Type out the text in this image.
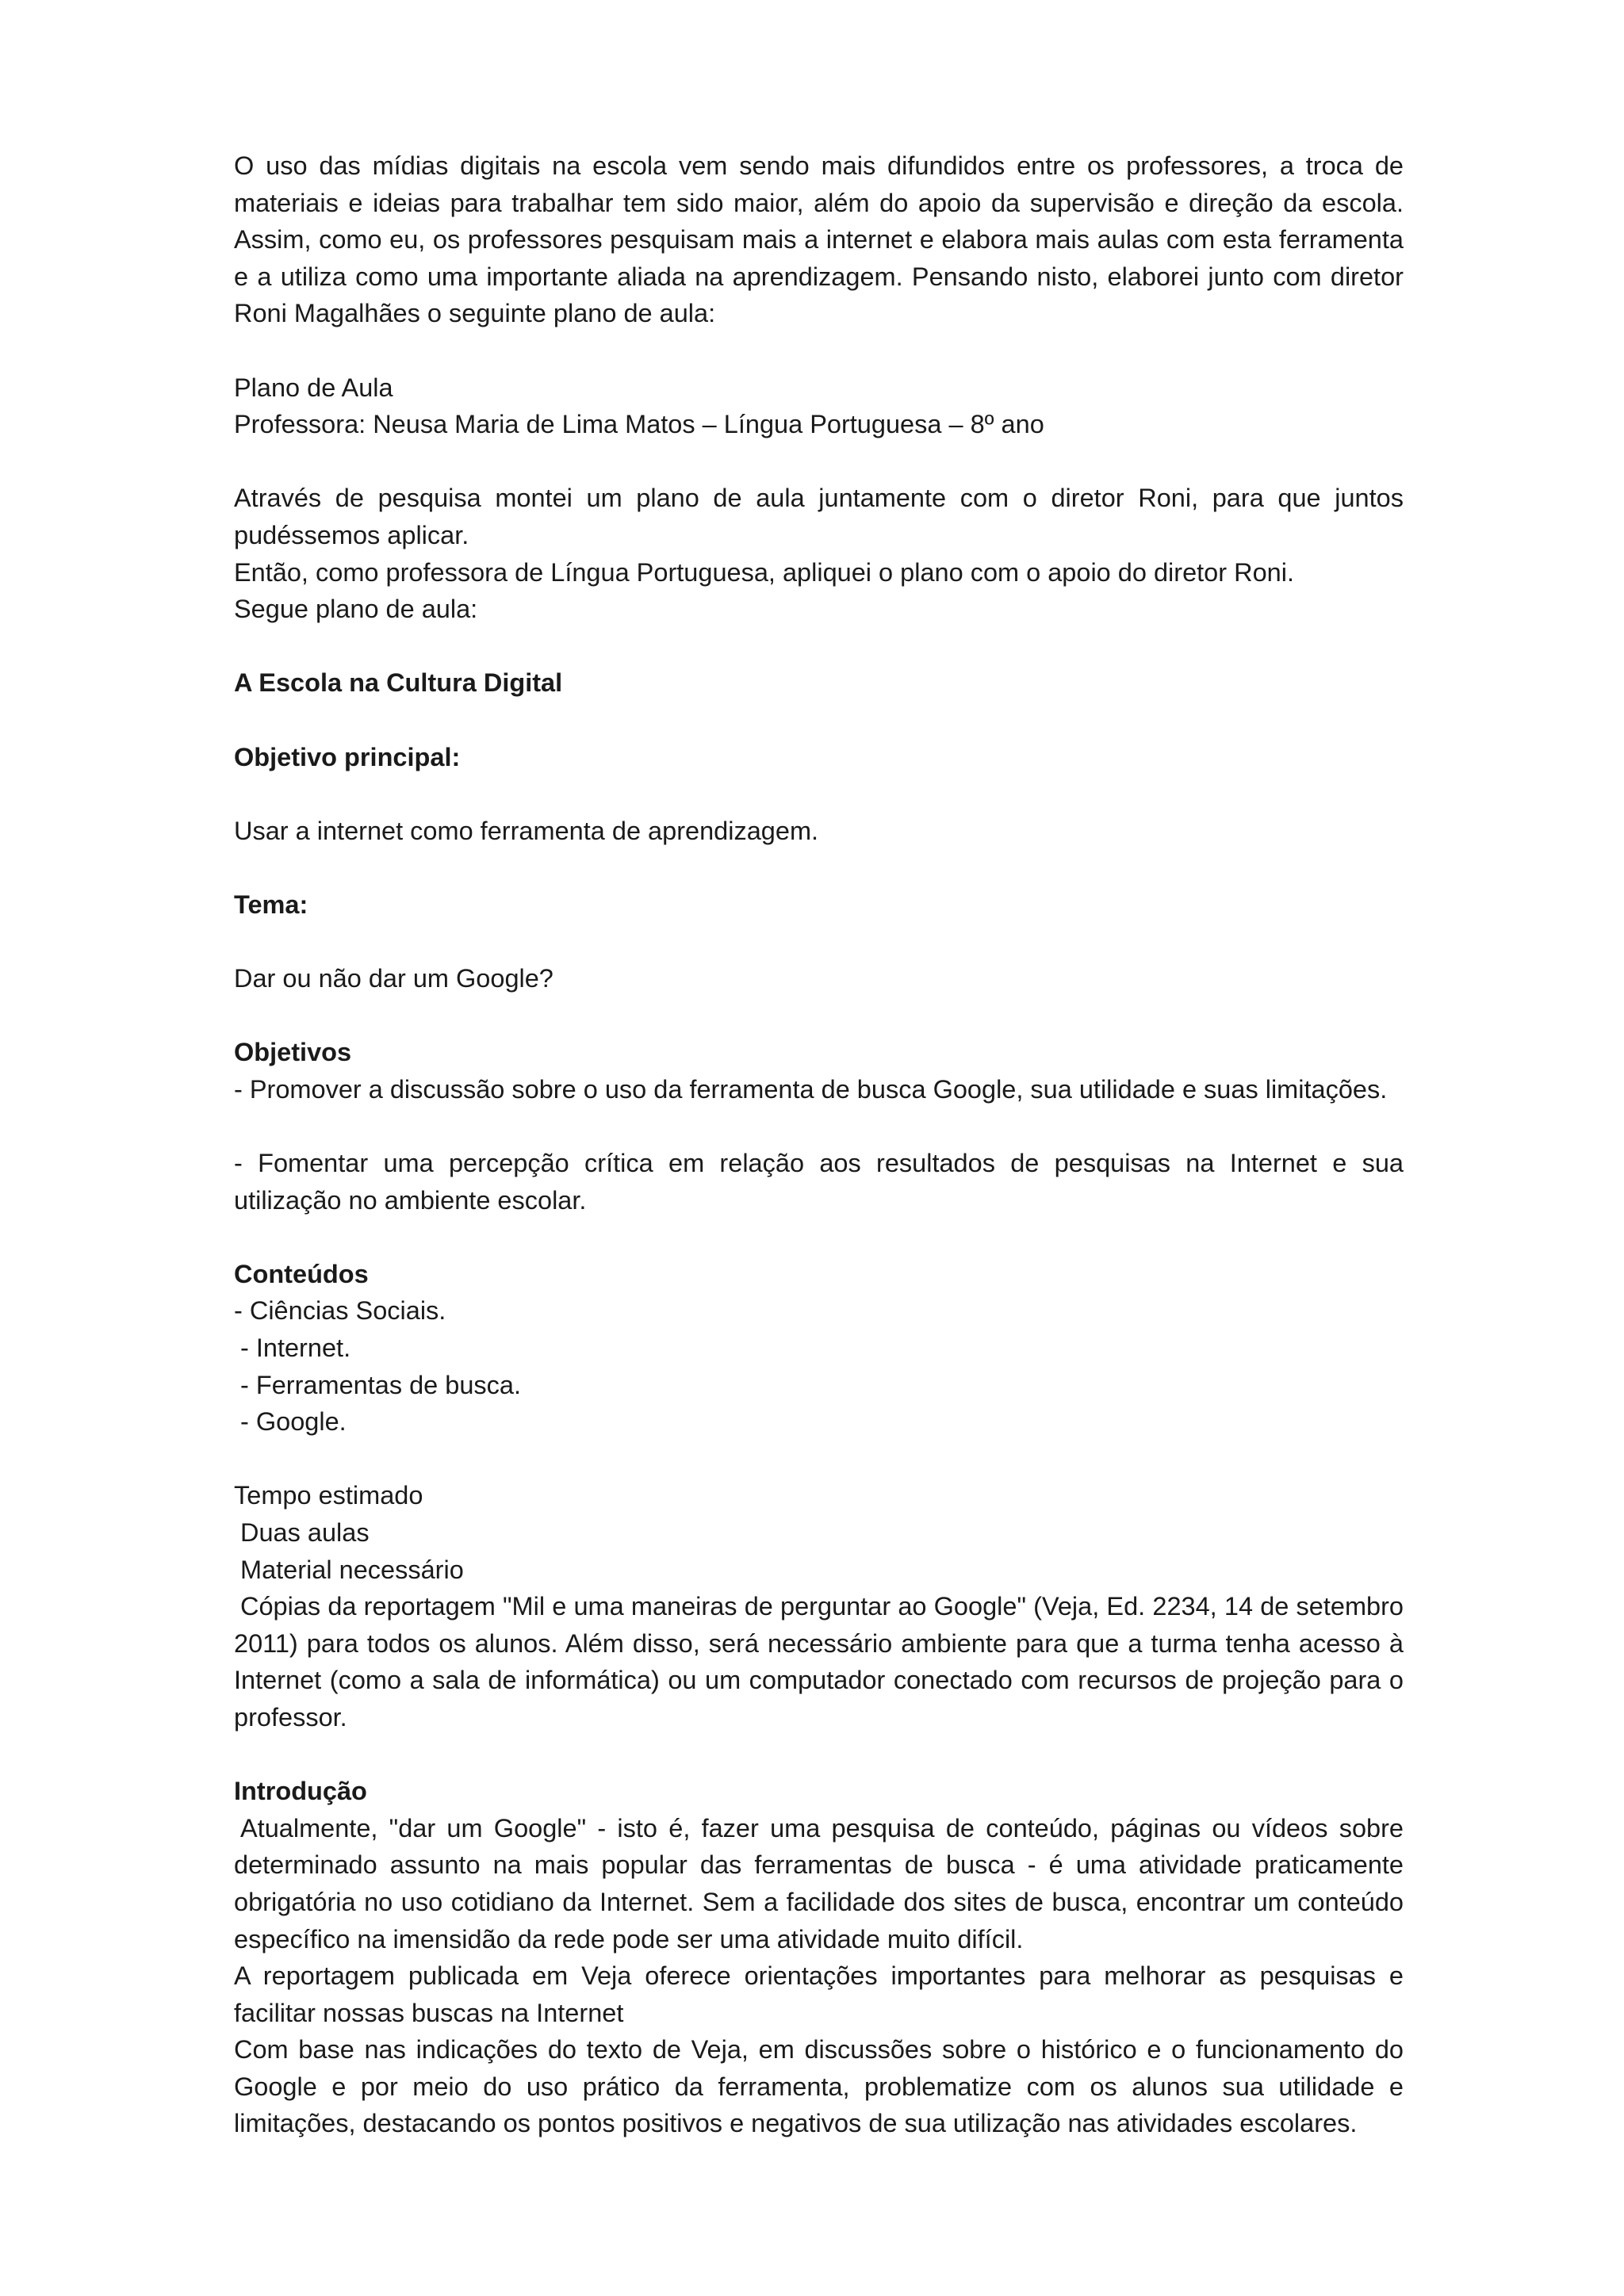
O uso das mídias digitais na escola vem sendo mais difundidos entre os professores, a troca de materiais e ideias para trabalhar tem sido maior, além do apoio da supervisão e direção da escola. Assim, como eu, os professores pesquisam mais a internet e elabora mais aulas com esta ferramenta e a utiliza como uma importante aliada na aprendizagem. Pensando nisto, elaborei junto com diretor Roni Magalhães o seguinte plano de aula:

Plano de Aula

Professora: Neusa Maria de Lima Matos – Língua Portuguesa – 8º ano

Através de pesquisa montei um plano de aula juntamente com o diretor Roni, para que juntos pudéssemos aplicar.

Então, como professora de Língua Portuguesa, apliquei o plano com o apoio do diretor Roni.

Segue plano de aula:

A Escola na Cultura Digital

Objetivo principal:

Usar a internet como ferramenta de aprendizagem.

Tema:

Dar ou não dar um Google?

Objetivos

- Promover a discussão sobre o uso da ferramenta de busca Google, sua utilidade e suas limitações.

- Fomentar uma percepção crítica em relação aos resultados de pesquisas na Internet e sua utilização no ambiente escolar.

Conteúdos

- Ciências Sociais.

- Internet.

- Ferramentas de busca.

- Google.

Tempo estimado

Duas aulas

Material necessário

Cópias da reportagem "Mil e uma maneiras de perguntar ao Google" (Veja, Ed. 2234, 14 de setembro 2011) para todos os alunos. Além disso, será necessário ambiente para que a turma tenha acesso à Internet (como a sala de informática) ou um computador conectado com recursos de projeção para o professor.

Introdução

Atualmente, "dar um Google" - isto é, fazer uma pesquisa de conteúdo, páginas ou vídeos sobre determinado assunto na mais popular das ferramentas de busca - é uma atividade praticamente obrigatória no uso cotidiano da Internet. Sem a facilidade dos sites de busca, encontrar um conteúdo específico na imensidão da rede pode ser uma atividade muito difícil.

A reportagem publicada em Veja oferece orientações importantes para melhorar as pesquisas e facilitar nossas buscas na Internet

Com base nas indicações do texto de Veja, em discussões sobre o histórico e o funcionamento do Google e por meio do uso prático da ferramenta, problematize com os alunos sua utilidade e limitações, destacando os pontos positivos e negativos de sua utilização nas atividades escolares.
